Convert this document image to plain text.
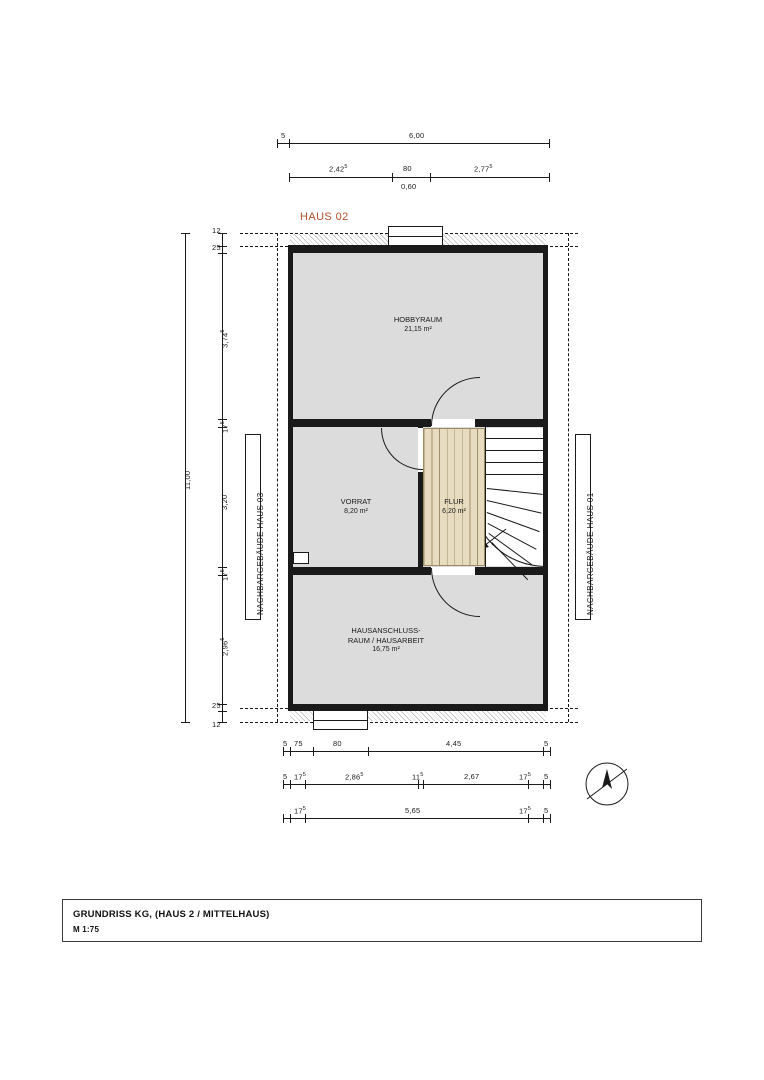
5	6,00
2,42$^5$	80	2,77$^5$
0,60
HAUS 02
HOBBYRAUM
21,15 m²
VORRAT
8,20 m²
FLUR
6,20 m²
HAUSANSCHLUSS-
RAUM / HAUSARBEIT
16,75 m²
NACHBARGEBÄUDE HAUS 03	NACHBARGEBÄUDE HAUS 01
11,00
12
25
3,74$^5$
$17^5$
3,20
$17^5$
2,96$^5$
25
12
5 75	80	4,45	5
5 $17^5$	2,86$^5$	$11^5$	2,67	$17^5$ 5
$17^5$	5,65	$17^5$ 5
GRUNDRISS KG, (HAUS 2 / MITTELHAUS)
M 1:75
